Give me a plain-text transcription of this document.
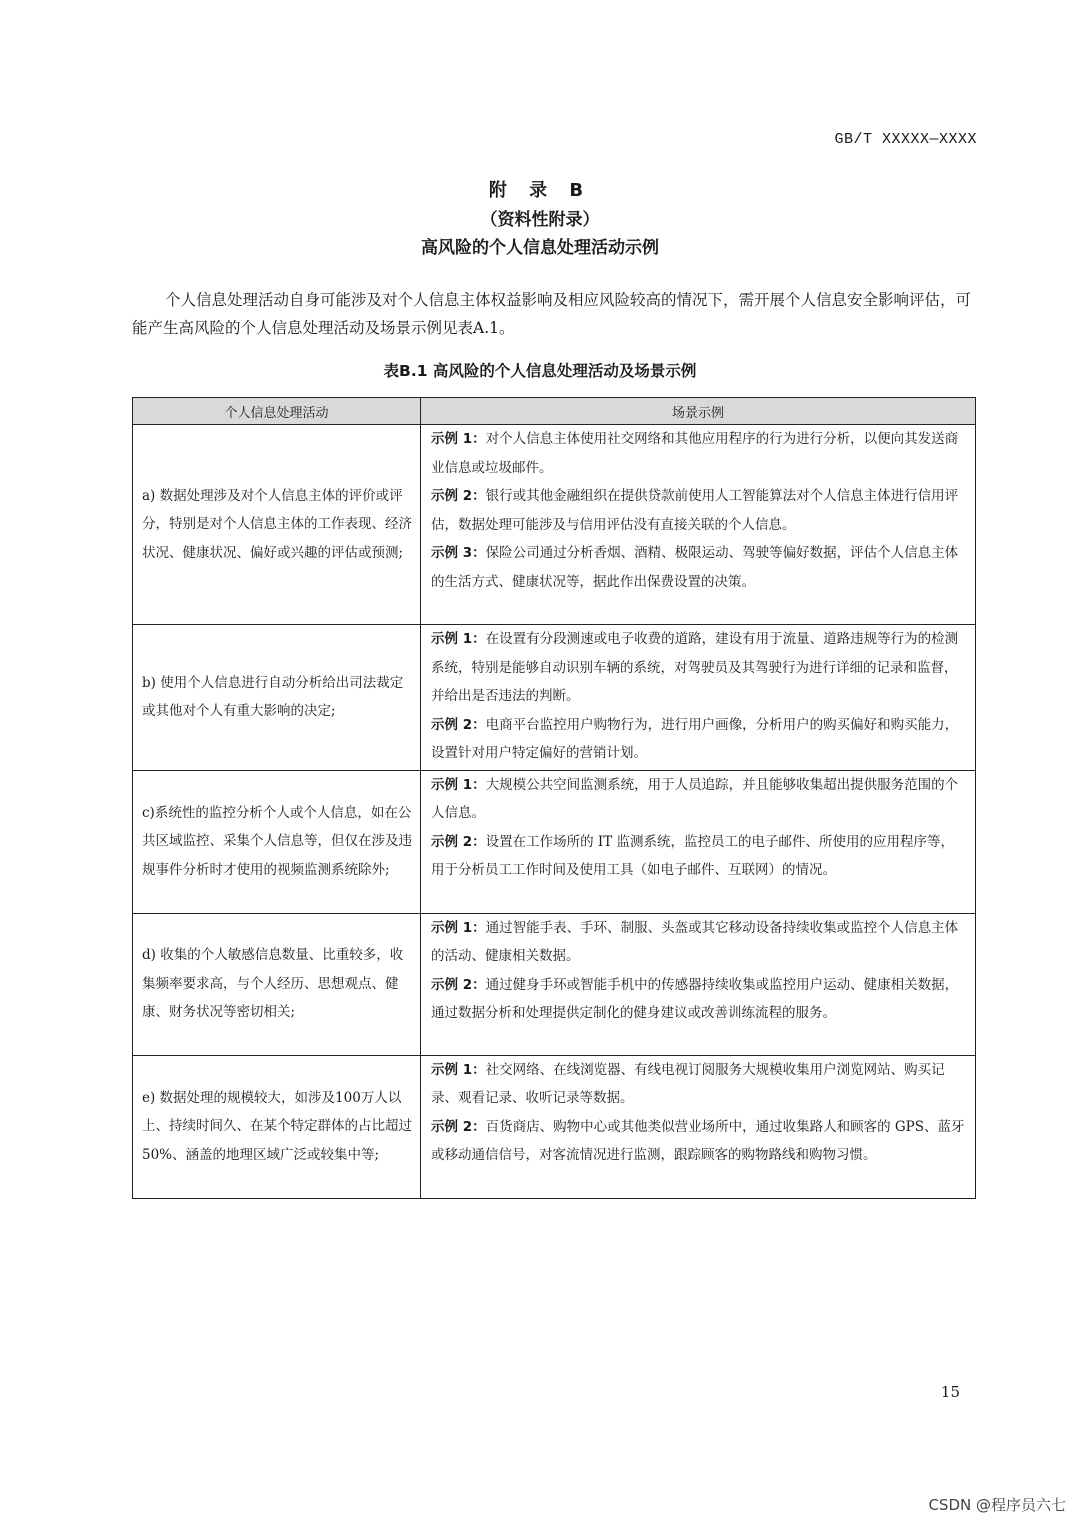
GB/T XXXXX—XXXX
附 录 B
（资料性附录）
高风险的个人信息处理活动示例

个人信息处理活动自身可能涉及对个人信息主体权益影响及相应风险较高的情况下，需开展个人信息安全影响评估，可能产生高风险的个人信息处理活动及场景示例见表A.1。

表B.1 高风险的个人信息处理活动及场景示例
个人信息处理活动	场景示例
a) 数据处理涉及对个人信息主体的评价或评分，特别是对个人信息主体的工作表现、经济状况、健康状况、偏好或兴趣的评估或预测;	示例 1：对个人信息主体使用社交网络和其他应用程序的行为进行分析，以便向其发送商业信息或垃圾邮件。

示例 2：银行或其他金融组织在提供贷款前使用人工智能算法对个人信息主体进行信用评估，数据处理可能涉及与信用评估没有直接关联的个人信息。

示例 3：保险公司通过分析香烟、酒精、极限运动、驾驶等偏好数据，评估个人信息主体的生活方式、健康状况等，据此作出保费设置的决策。

b) 使用个人信息进行自动分析给出司法裁定或其他对个人有重大影响的决定;	示例 1：在设置有分段测速或电子收费的道路，建设有用于流量、道路违规等行为的检测系统，特别是能够自动识别车辆的系统，对驾驶员及其驾驶行为进行详细的记录和监督，并给出是否违法的判断。

示例 2：电商平台监控用户购物行为，进行用户画像，分析用户的购买偏好和购买能力，设置针对用户特定偏好的营销计划。

c)系统性的监控分析个人或个人信息，如在公共区域监控、采集个人信息等，但仅在涉及违规事件分析时才使用的视频监测系统除外;	示例 1：大规模公共空间监测系统，用于人员追踪，并且能够收集超出提供服务范围的个人信息。

示例 2：设置在工作场所的 IT 监测系统，监控员工的电子邮件、所使用的应用程序等，用于分析员工工作时间及使用工具（如电子邮件、互联网）的情况。

d) 收集的个人敏感信息数量、比重较多，收集频率要求高，与个人经历、思想观点、健康、财务状况等密切相关;	示例 1：通过智能手表、手环、制服、头盔或其它移动设备持续收集或监控个人信息主体的活动、健康相关数据。

示例 2：通过健身手环或智能手机中的传感器持续收集或监控用户运动、健康相关数据，通过数据分析和处理提供定制化的健身建议或改善训练流程的服务。

e) 数据处理的规模较大，如涉及100万人以上、持续时间久、在某个特定群体的占比超过50%、涵盖的地理区域广泛或较集中等;	示例 1：社交网络、在线浏览器、有线电视订阅服务大规模收集用户浏览网站、购买记录、观看记录、收听记录等数据。

示例 2：百货商店、购物中心或其他类似营业场所中，通过收集路人和顾客的 GPS、蓝牙或移动通信信号，对客流情况进行监测，跟踪顾客的购物路线和购物习惯。

15
CSDN @程序员六七
